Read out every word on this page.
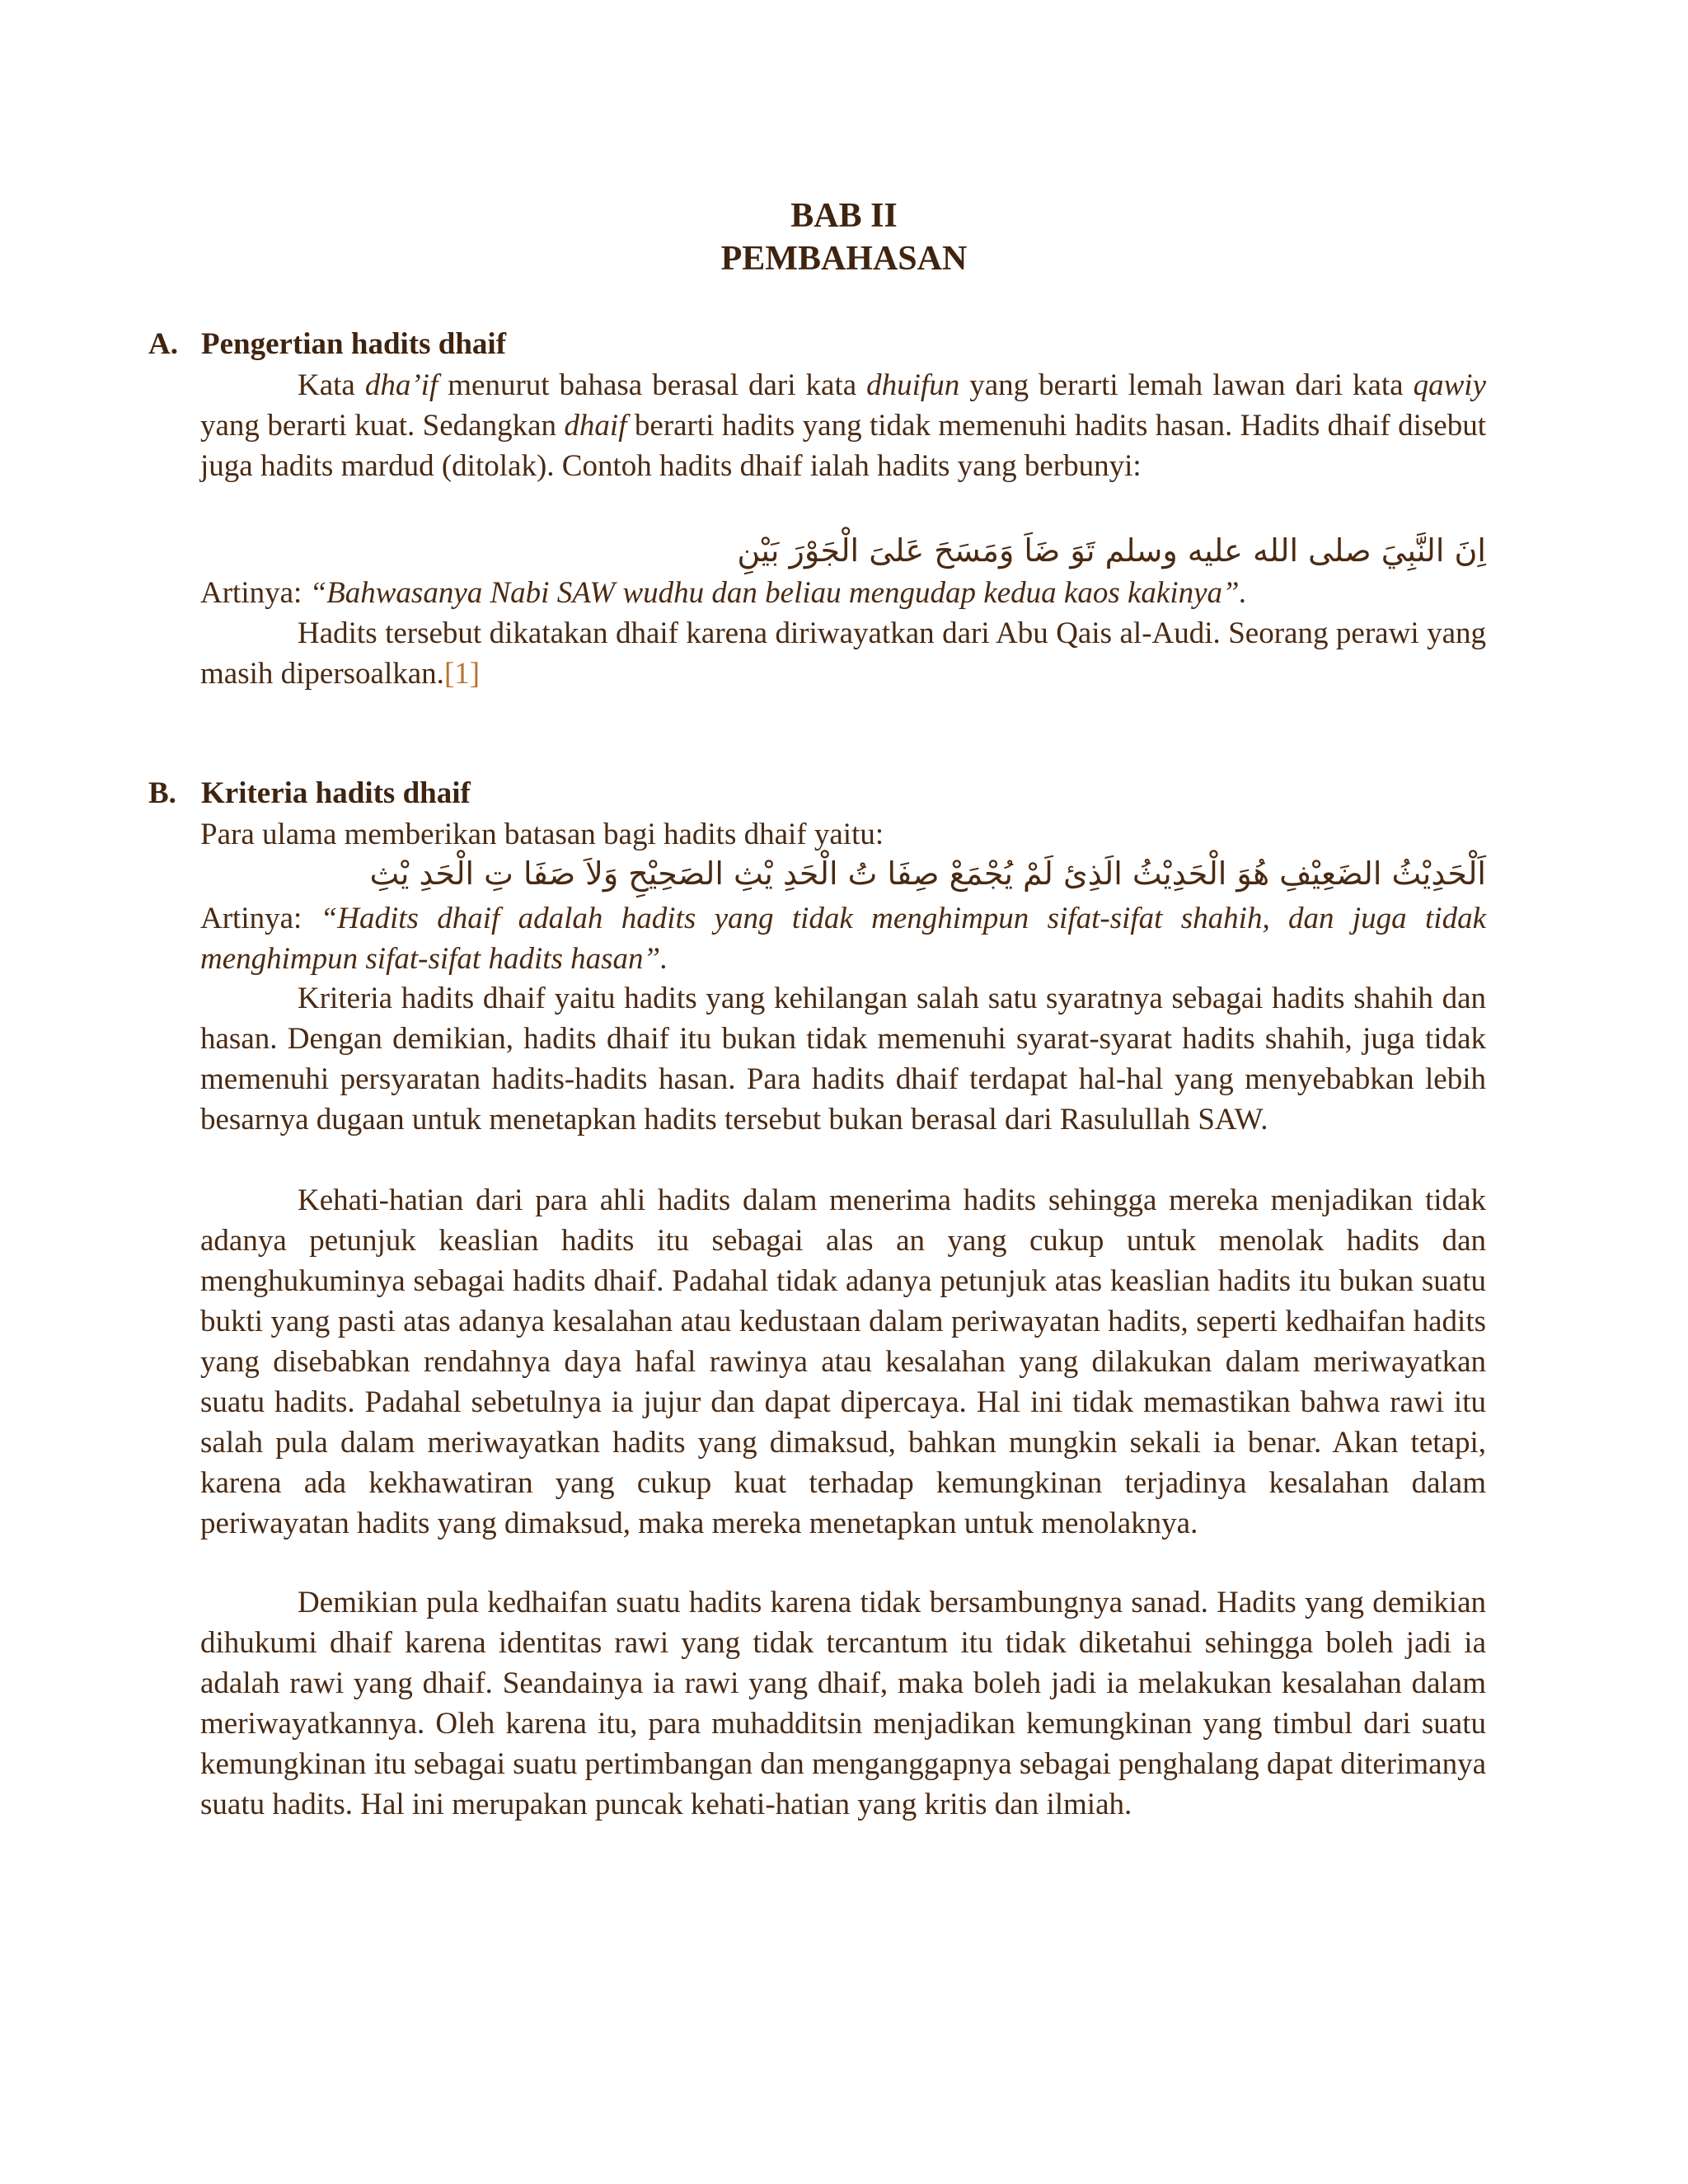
BAB II
PEMBAHASAN
A. Pengertian hadits dhaif

Kata dha’if menurut bahasa berasal dari kata dhuifun yang berarti lemah lawan dari kata qawiy yang berarti kuat. Sedangkan dhaif berarti hadits yang tidak memenuhi hadits hasan. Hadits dhaif disebut juga hadits mardud (ditolak). Contoh hadits dhaif ialah hadits yang berbunyi:

اِنَ النَّبِيَ صلى الله عليه وسلم تَوَ ضَاَ وَمَسَحَ عَلىَ الْجَوْرَ بَيْنِ
Artinya: “Bahwasanya Nabi SAW wudhu dan beliau mengudap kedua kaos kakinya”.

Hadits tersebut dikatakan dhaif karena diriwayatkan dari Abu Qais al-Audi. Seorang perawi yang masih dipersoalkan.[1]

B. Kriteria hadits dhaif
Para ulama memberikan batasan bagi hadits dhaif yaitu:
اَلْحَدِيْثُ الضَعِيْفِ هُوَ الْحَدِيْثُ الَذِئ لَمْ يُجْمَعْ صِفَا تُ الْحَدِ يْثِ الصَحِيْحِ وَلاَ صَفَا تِ الْحَدِ يْثِ
Artinya: “Hadits dhaif adalah hadits yang tidak menghimpun sifat-sifat shahih, dan juga tidak menghimpun sifat-sifat hadits hasan”.
Kriteria hadits dhaif yaitu hadits yang kehilangan salah satu syaratnya sebagai hadits shahih dan hasan. Dengan demikian, hadits dhaif itu bukan tidak memenuhi syarat-syarat hadits shahih, juga tidak memenuhi persyaratan hadits-hadits hasan. Para hadits dhaif terdapat hal-hal yang menyebabkan lebih besarnya dugaan untuk menetapkan hadits tersebut bukan berasal dari Rasulullah SAW.
Kehati-hatian dari para ahli hadits dalam menerima hadits sehingga mereka menjadikan tidak adanya petunjuk keaslian hadits itu sebagai alas an yang cukup untuk menolak hadits dan menghukuminya sebagai hadits dhaif. Padahal tidak adanya petunjuk atas keaslian hadits itu bukan suatu bukti yang pasti atas adanya kesalahan atau kedustaan dalam periwayatan hadits, seperti kedhaifan hadits yang disebabkan rendahnya daya hafal rawinya atau kesalahan yang dilakukan dalam meriwayatkan suatu hadits. Padahal sebetulnya ia jujur dan dapat dipercaya. Hal ini tidak memastikan bahwa rawi itu salah pula dalam meriwayatkan hadits yang dimaksud, bahkan mungkin sekali ia benar. Akan tetapi, karena ada kekhawatiran yang cukup kuat terhadap kemungkinan terjadinya kesalahan dalam periwayatan hadits yang dimaksud, maka mereka menetapkan untuk menolaknya.
Demikian pula kedhaifan suatu hadits karena tidak bersambungnya sanad. Hadits yang demikian dihukumi dhaif karena identitas rawi yang tidak tercantum itu tidak diketahui sehingga boleh jadi ia adalah rawi yang dhaif. Seandainya ia rawi yang dhaif, maka boleh jadi ia melakukan kesalahan dalam meriwayatkannya. Oleh karena itu, para muhadditsin menjadikan kemungkinan yang timbul dari suatu kemungkinan itu sebagai suatu pertimbangan dan menganggapnya sebagai penghalang dapat diterimanya suatu hadits. Hal ini merupakan puncak kehati-hatian yang kritis dan ilmiah.
